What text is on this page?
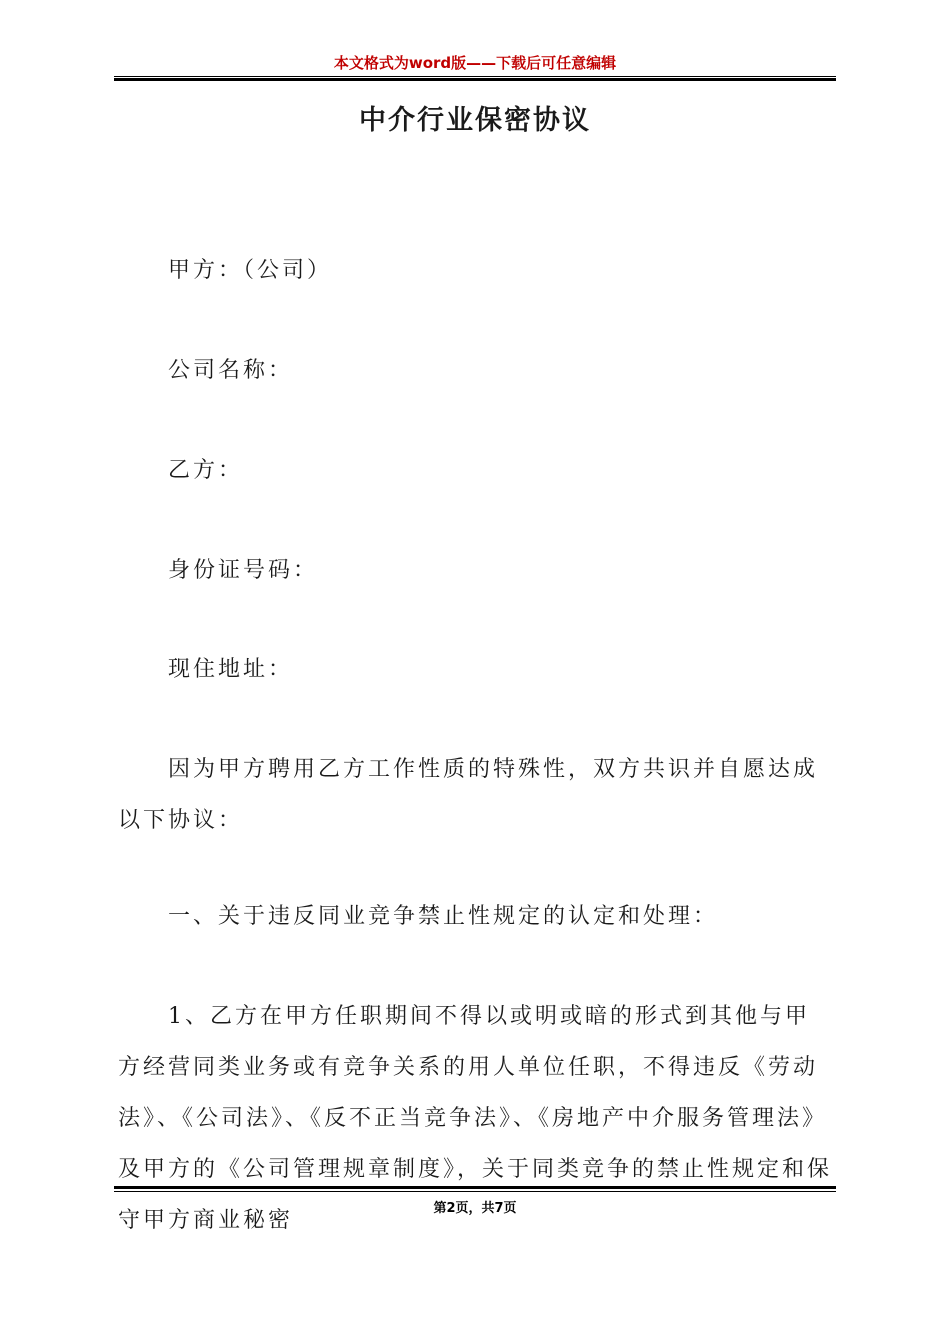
本文格式为word版——下载后可任意编辑
中介行业保密协议
甲方：（公司）
公司名称：
乙方：
身份证号码：
现住地址：
因为甲方聘用乙方工作性质的特殊性，双方共识并自愿达成以下协议：
一、关于违反同业竞争禁止性规定的认定和处理：
1、乙方在甲方任职期间不得以或明或暗的形式到其他与甲方经营同类业务或有竞争关系的用人单位任职，不得违反《劳动法》、《公司法》、《反不正当竞争法》、《房地产中介服务管理法》及甲方的《公司管理规章制度》，关于同类竞争的禁止性规定和保守甲方商业秘密	第2页，共7页
